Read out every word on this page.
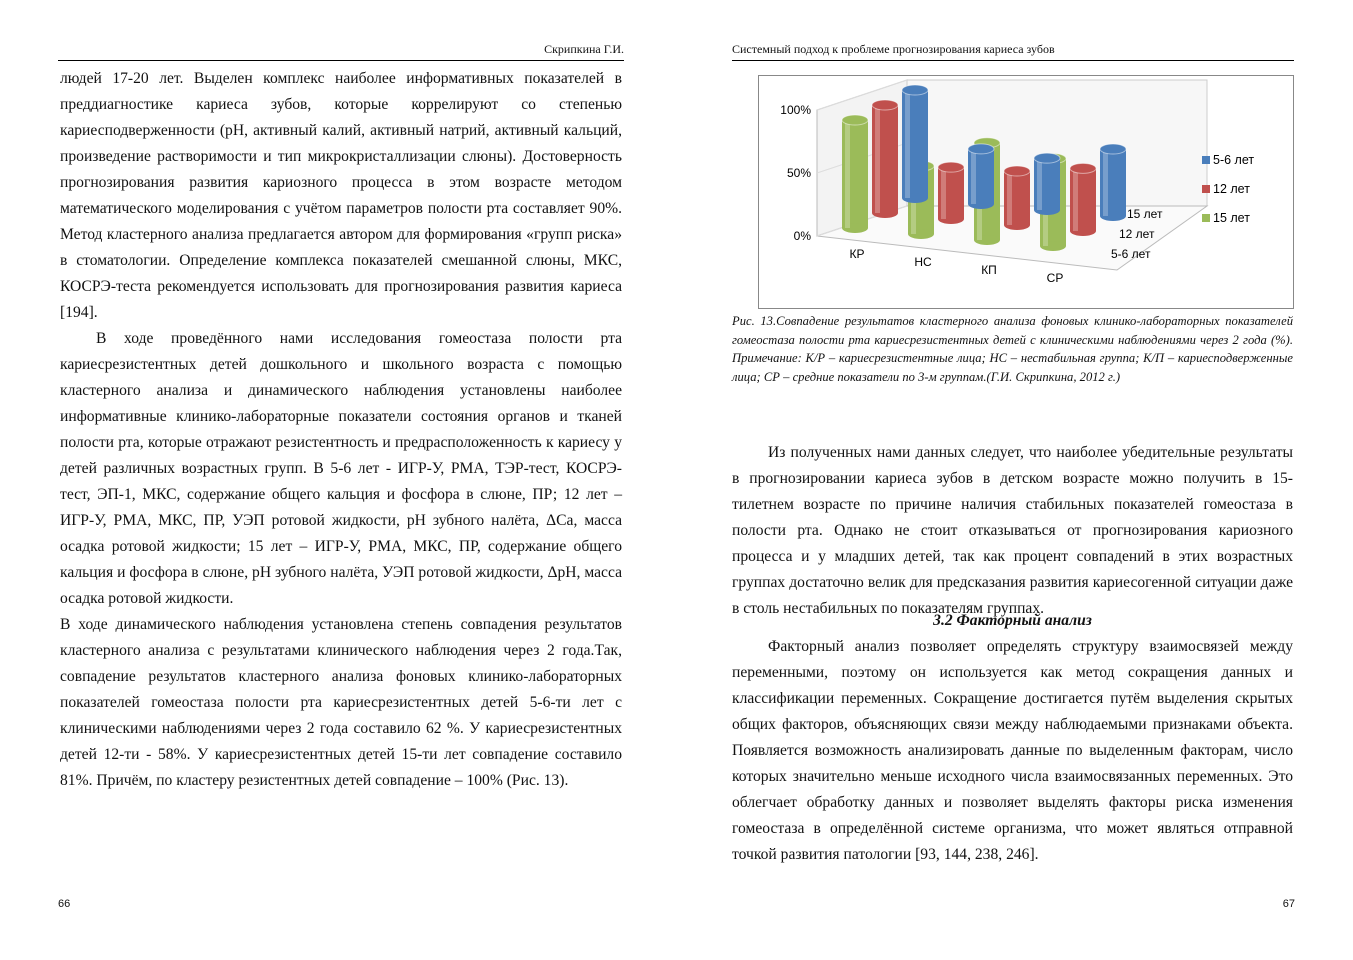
Скрипкина Г.И.

людей 17-20 лет. Выделен комплекс наиболее информативных показателей в преддиагностике кариеса зубов, которые коррелируют со степенью кариесподверженности (pH, активный калий, активный натрий, активный кальций, произведение растворимости и тип микрокристаллизации слюны). Достоверность прогнозирования развития кариозного процесса в этом возрасте методом математического моделирования с учётом параметров полости рта составляет 90%. Метод кластерного анализа предлагается автором для формирования «групп риска» в стоматологии. Определение комплекса показателей смешанной слюны, МКС, КОСРЭ-теста рекомендуется использовать для прогнозирования развития кариеса [194].

В ходе проведённого нами исследования гомеостаза полости рта кариесрезистентных детей дошкольного и школьного возраста с помощью кластерного анализа и динамического наблюдения установлены наиболее информативные клинико-лабораторные показатели состояния органов и тканей полости рта, которые отражают резистентность и предрасположенность к кариесу у детей различных возрастных групп. В 5-6 лет - ИГР-У, РМА, ТЭР-тест, КОСРЭ-тест, ЭП-1, МКС, содержание общего кальция и фосфора в слюне, ПР; 12 лет – ИГР-У, РМА, МКС, ПР, УЭП ротовой жидкости, pH зубного налёта, ΔCa, масса осадка ротовой жидкости; 15 лет – ИГР-У, РМА, МКС, ПР, содержание общего кальция и фосфора в слюне, pH зубного налёта, УЭП ротовой жидкости, ΔpH, масса осадка ротовой жидкости.

В ходе динамического наблюдения установлена степень совпадения результатов кластерного анализа с результатами клинического наблюдения через 2 года.Так, совпадение результатов кластерного анализа фоновых клинико-лабораторных показателей гомеостаза полости рта кариесрезистентных детей 5-6-ти лет с клиническими наблюдениями через 2 года составило 62 %. У кариесрезистентных детей 12-ти - 58%. У кариесрезистентных детей 15-ти лет совпадение составило 81%. Причём, по кластеру резистентных детей совпадение – 100% (Рис. 13).

66
Системный подход к проблеме прогнозирования кариеса зубов
100%
50%
0%
КР
НС
КП
СР
15 лет
12 лет
5-6 лет
5-6 лет
12 лет
15 лет
Рис. 13.Совпадение результатов кластерного анализа фоновых клинико-лабораторных показателей гомеостаза полости рта кариесрезистентных детей с клиническими наблюдениями через 2 года (%). Примечание: К/Р – кариесрезистентные лица; НС – нестабильная группа; К/П – кариесподверженные лица; СР – средние показатели по 3-м группам.(Г.И. Скрипкина, 2012 г.)

Из полученных нами данных следует, что наиболее убедительные результаты в прогнозировании кариеса зубов в детском возрасте можно получить в 15-тилетнем возрасте по причине наличия стабильных показателей гомеостаза в полости рта. Однако не стоит отказываться от прогнозирования кариозного процесса и у младших детей, так как процент совпадений в этих возрастных группах достаточно велик для предсказания развития кариесогенной ситуации даже в столь нестабильных по показателям группах.

3.2 Факторный анализ

Факторный анализ позволяет определять структуру взаимосвязей между переменными, поэтому он используется как метод сокращения данных и классификации переменных. Сокращение достигается путём выделения скрытых общих факторов, объясняющих связи между наблюдаемыми признаками объекта. Появляется возможность анализировать данные по выделенным факторам, число которых значительно меньше исходного числа взаимосвязанных переменных. Это облегчает обработку данных и позволяет выделять факторы риска изменения гомеостаза в определённой системе организма, что может являться отправной точкой развития патологии [93, 144, 238, 246].

67
